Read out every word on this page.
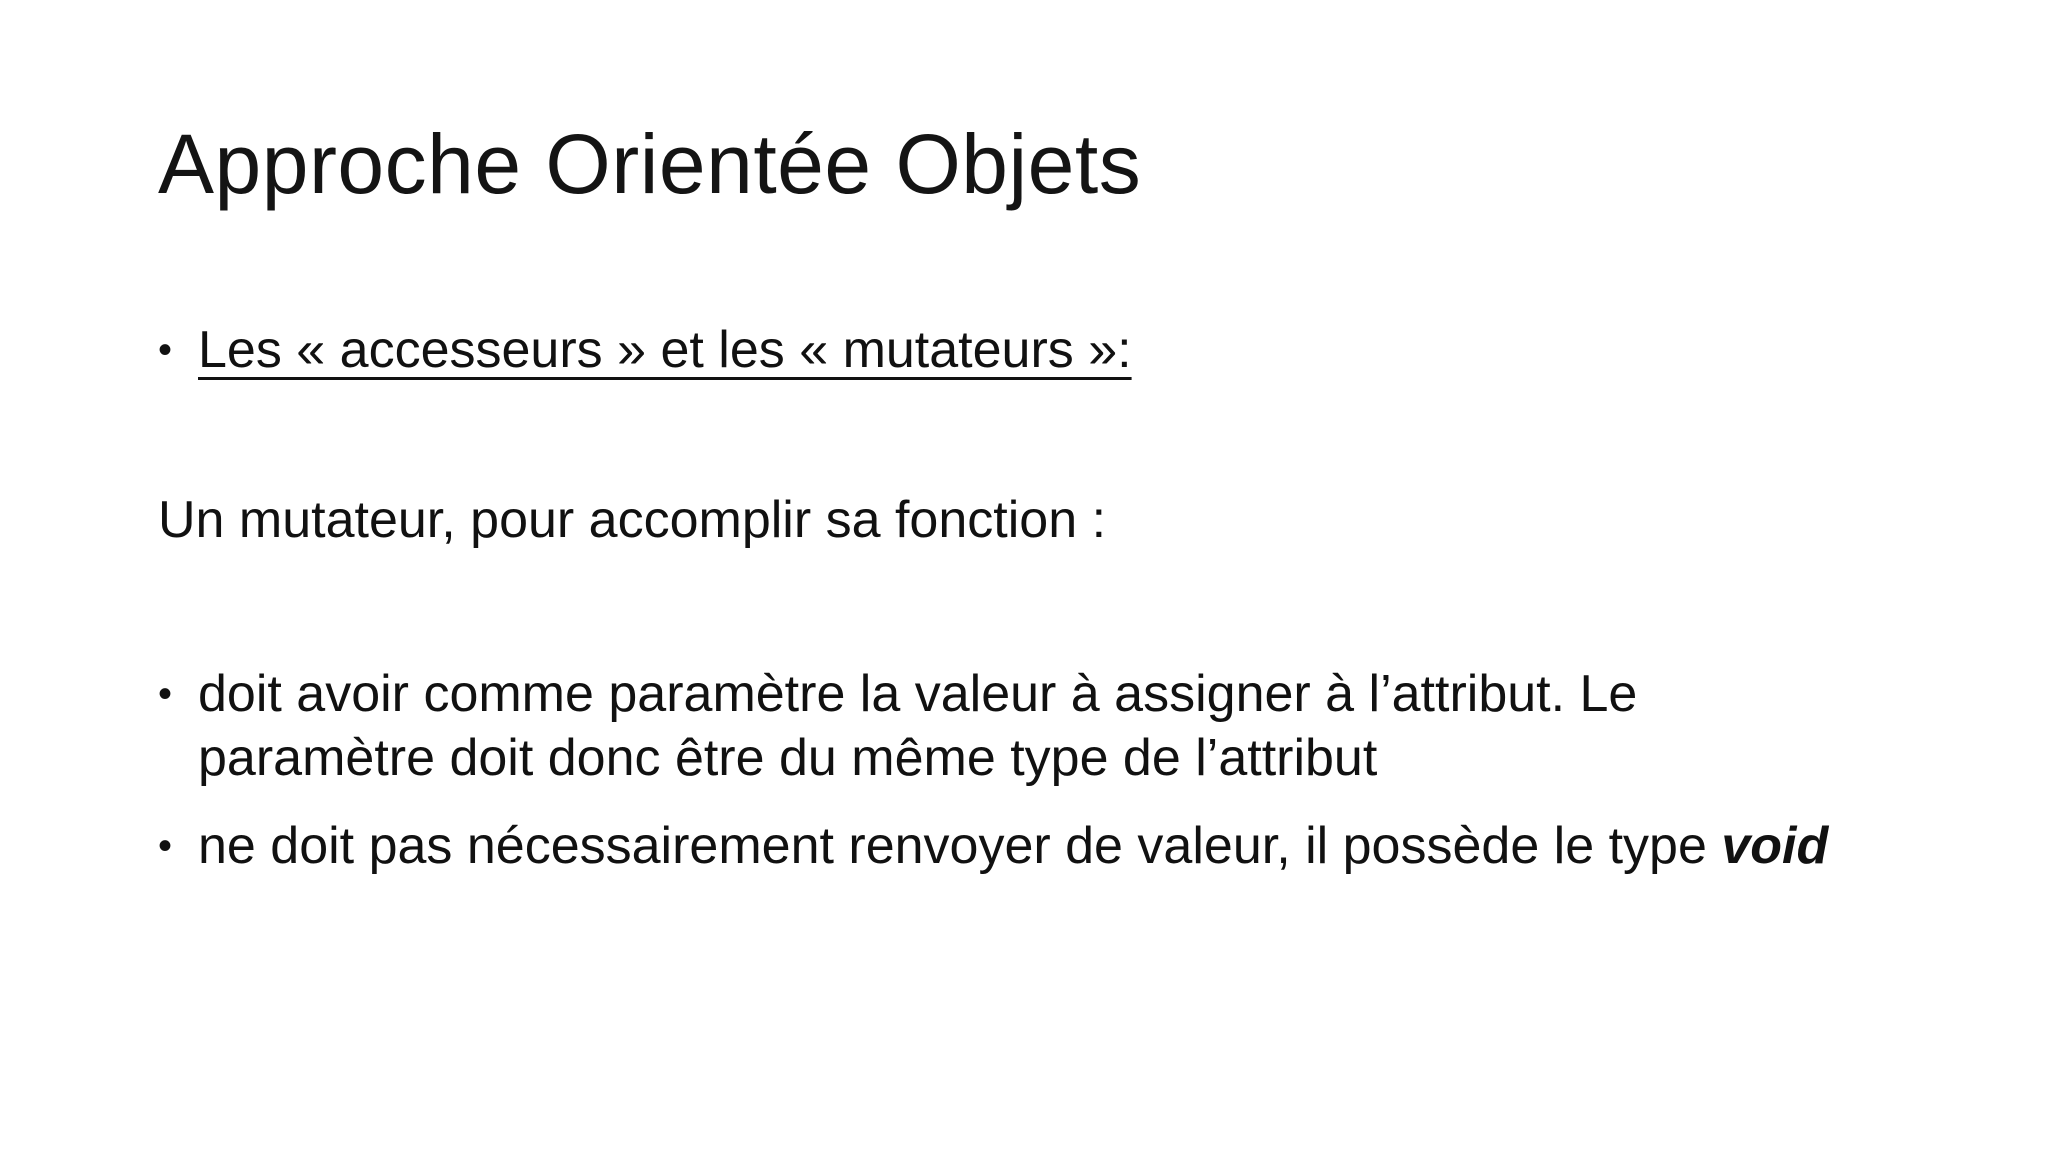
Approche Orientée Objets
• Les « accesseurs » et les « mutateurs »:
Un mutateur, pour accomplir sa fonction :
• doit avoir comme paramètre la valeur à assigner à l’attribut. Le paramètre doit donc être du même type de l’attribut
• ne doit pas nécessairement renvoyer de valeur, il possède le type void
